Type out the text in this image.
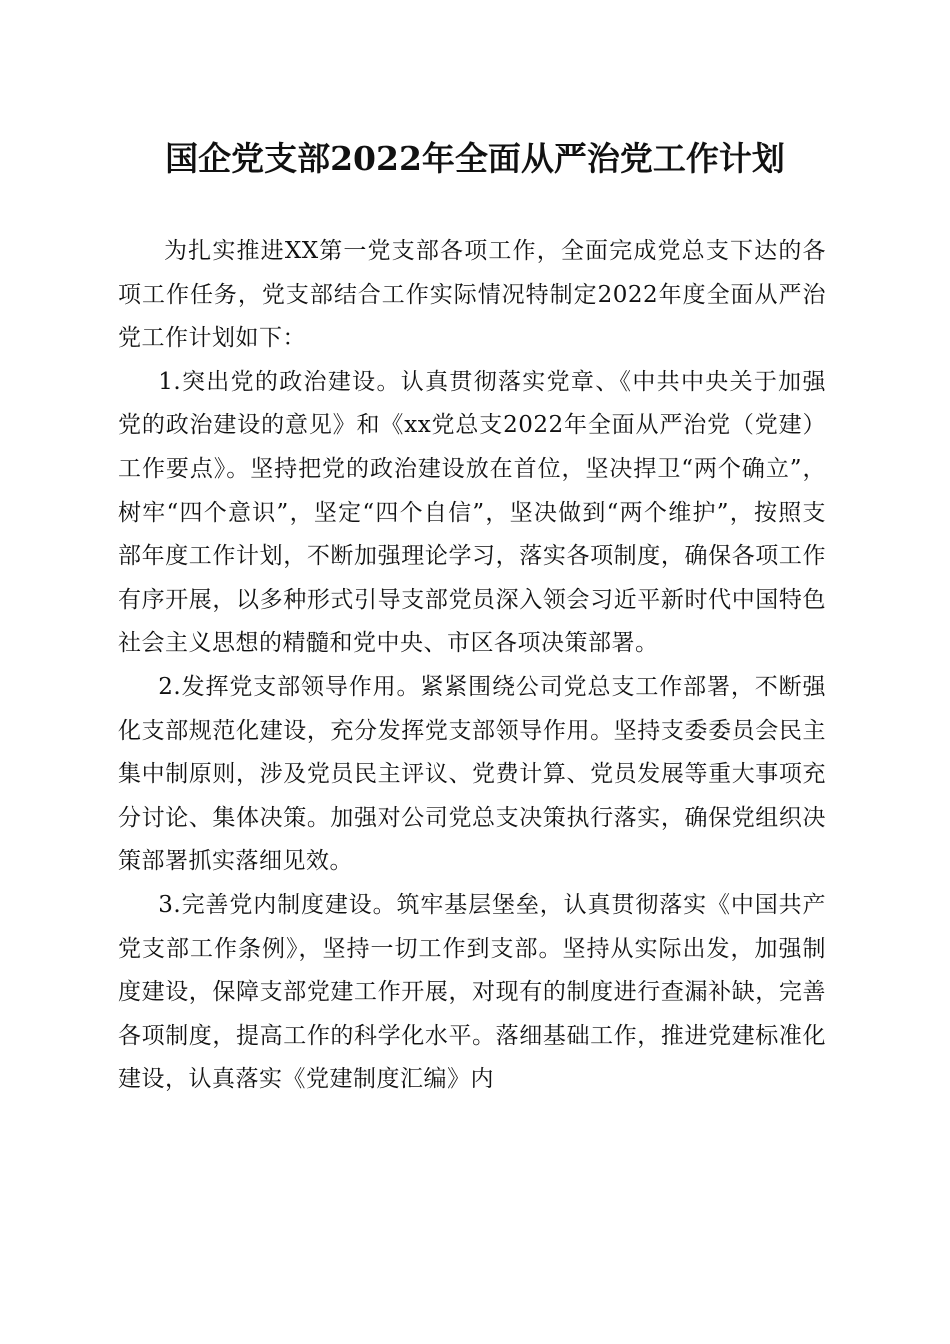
国企党支部2022年全面从严治党工作计划

为扎实推进XX第一党支部各项工作，全面完成党总支下达的各项工作任务，党支部结合工作实际情况特制定2022年度全面从严治党工作计划如下：

1.突出党的政治建设。认真贯彻落实党章、《中共中央关于加强党的政治建设的意见》和《xx党总支2022年全面从严治党（党建）工作要点》。坚持把党的政治建设放在首位，坚决捍卫“两个确立”，树牢“四个意识”，坚定“四个自信”，坚决做到“两个维护”，按照支部年度工作计划，不断加强理论学习，落实各项制度，确保各项工作有序开展，以多种形式引导支部党员深入领会习近平新时代中国特色社会主义思想的精髓和党中央、市区各项决策部署。

2.发挥党支部领导作用。紧紧围绕公司党总支工作部署，不断强化支部规范化建设，充分发挥党支部领导作用。坚持支委委员会民主集中制原则，涉及党员民主评议、党费计算、党员发展等重大事项充分讨论、集体决策。加强对公司党总支决策执行落实，确保党组织决策部署抓实落细见效。

3.完善党内制度建设。筑牢基层堡垒，认真贯彻落实《中国共产党支部工作条例》，坚持一切工作到支部。坚持从实际出发，加强制度建设，保障支部党建工作开展，对现有的制度进行查漏补缺，完善各项制度，提高工作的科学化水平。落细基础工作，推进党建标准化建设，认真落实《党建制度汇编》内
